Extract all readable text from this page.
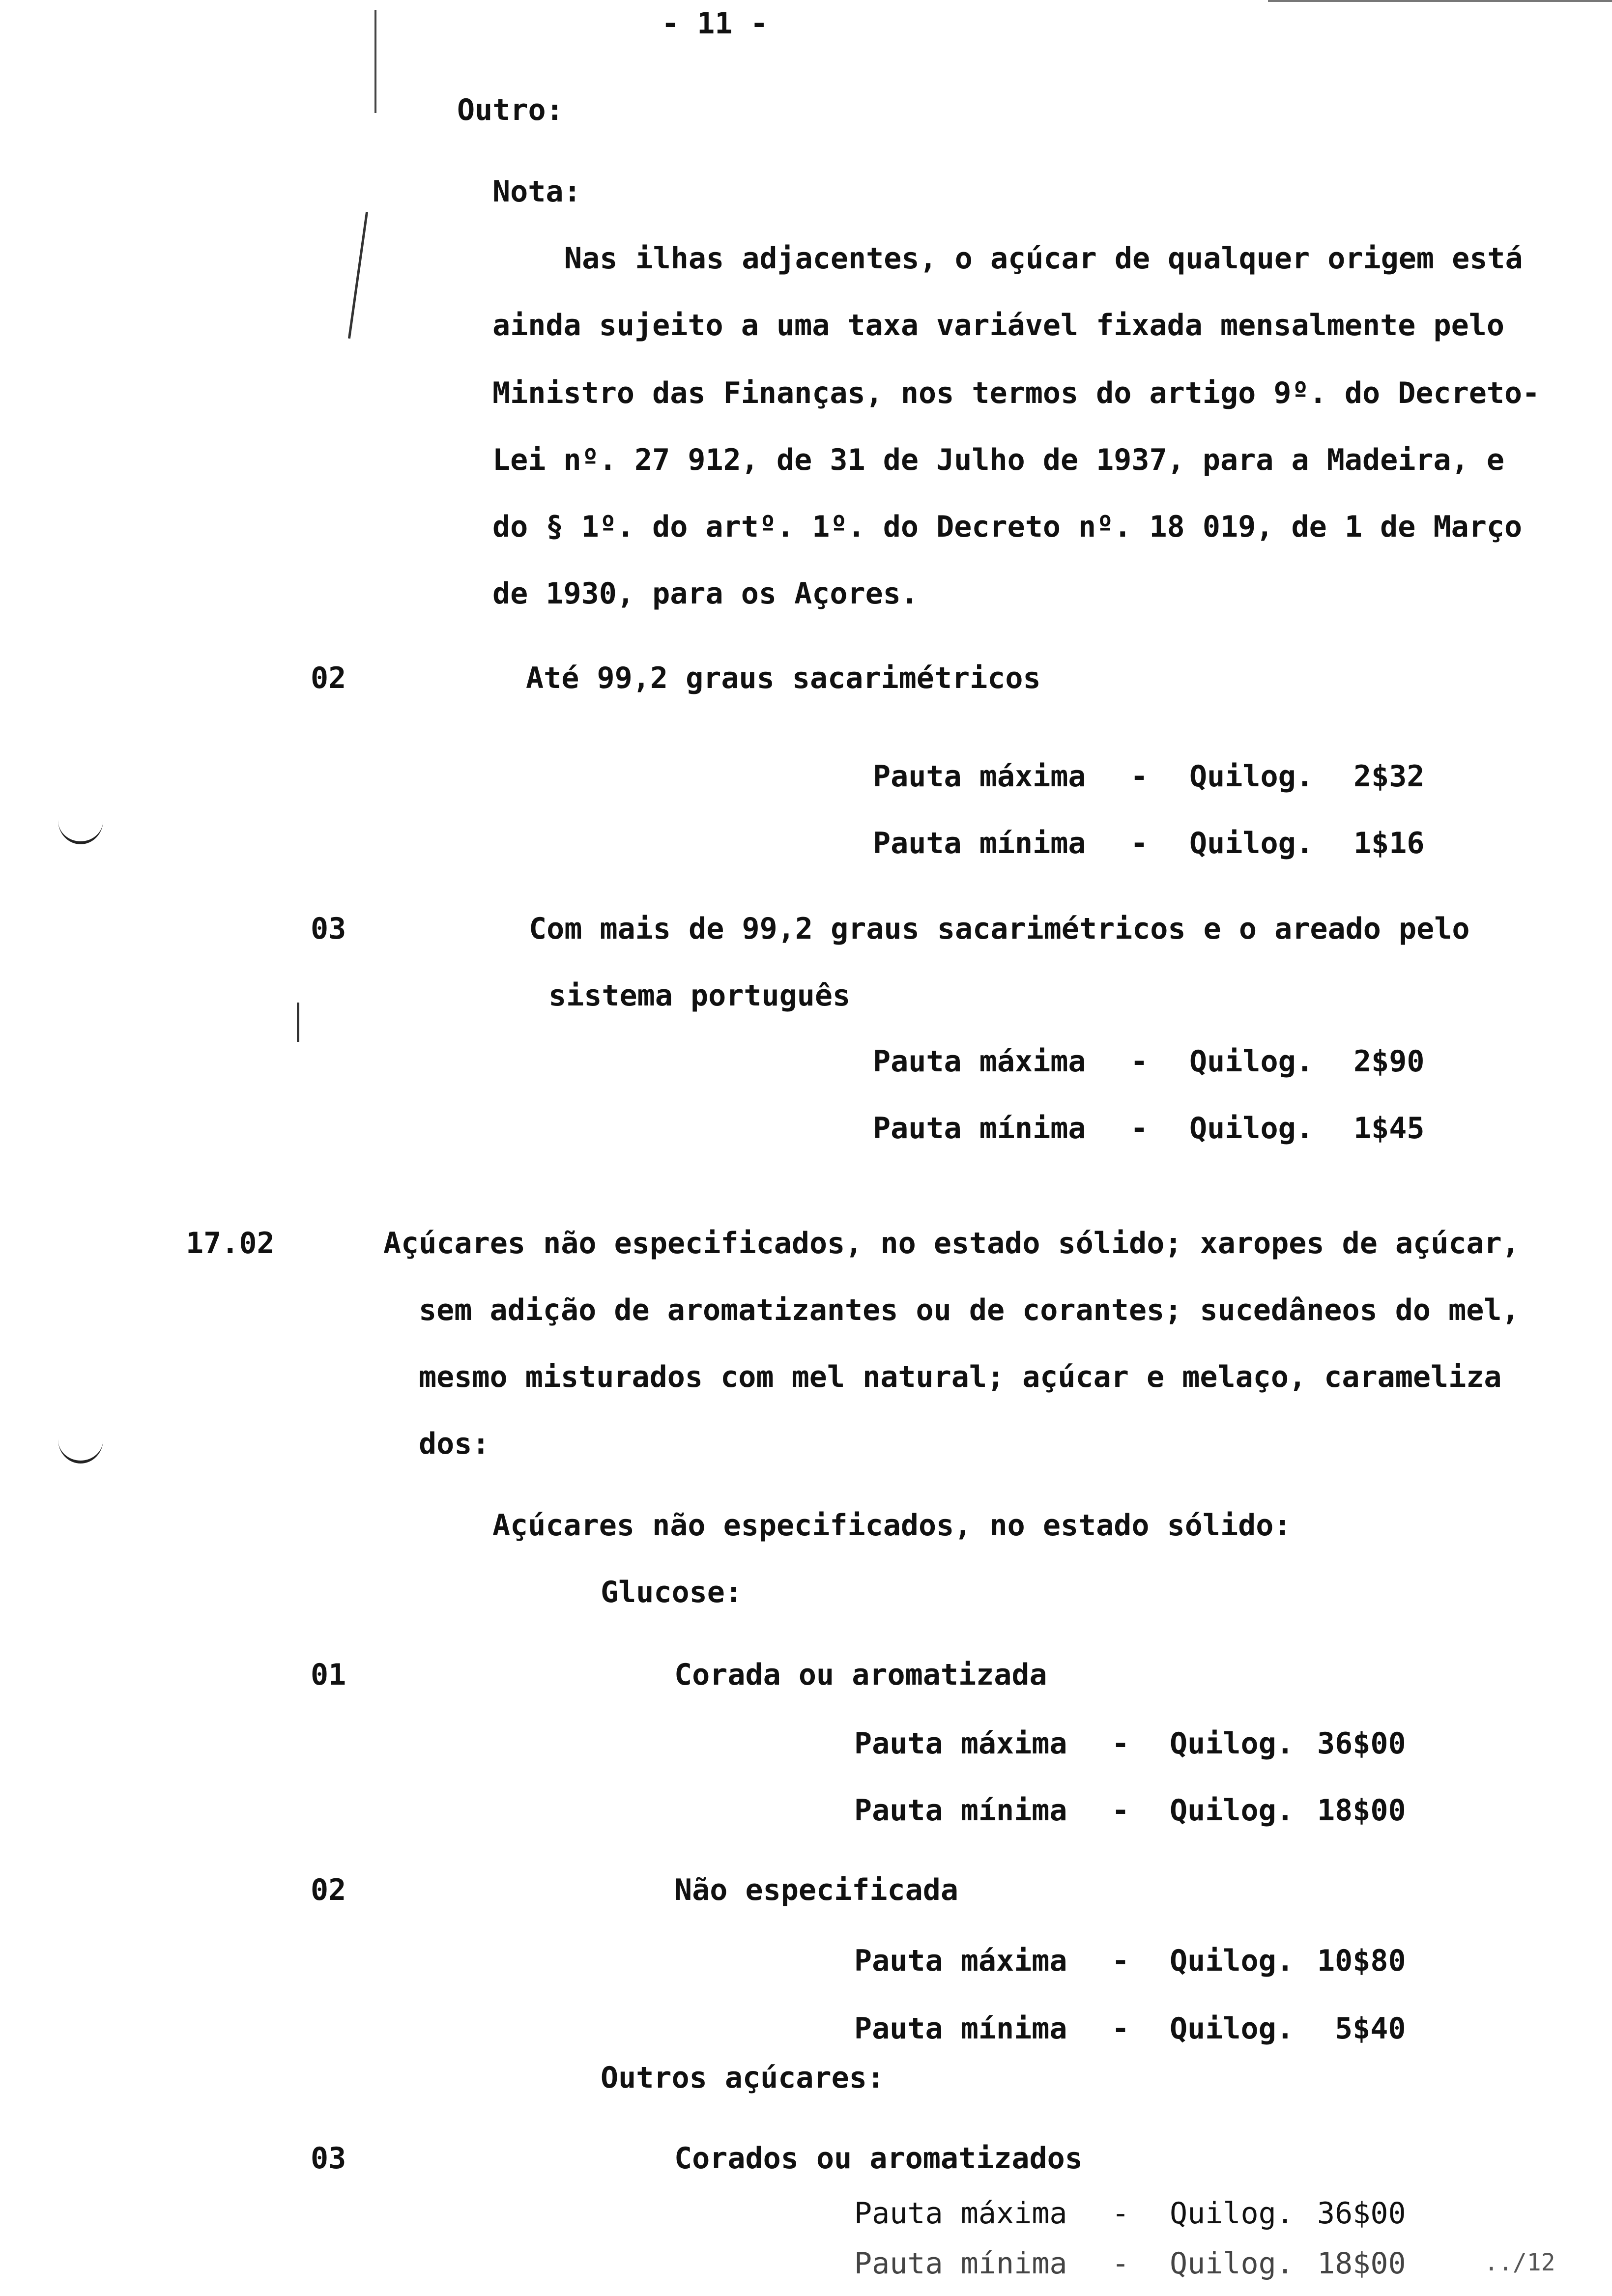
- 11 -
Outro:
Nota:
Nas ilhas adjacentes, o açúcar de qualquer origem está
ainda sujeito a uma taxa variável fixada mensalmente pelo
Ministro das Finanças, nos termos do artigo 9º. do Decreto-
Lei nº. 27 912, de 31 de Julho de 1937, para a Madeira, e
do § 1º. do artº. 1º. do Decreto nº. 18 019, de 1 de Março
de 1930, para os Açores.
02	Até 99,2 graus sacarimétricos
Pauta máxima - Quilog. 2$32
Pauta mínima - Quilog. 1$16
03	Com mais de 99,2 graus sacarimétricos e o areado pelo
sistema português
Pauta máxima - Quilog. 2$90
Pauta mínima - Quilog. 1$45
17.02	Açúcares não especificados, no estado sólido; xaropes de açúcar,
sem adição de aromatizantes ou de corantes; sucedâneos do mel,
mesmo misturados com mel natural; açúcar e melaço, carameliza
dos:
Açúcares não especificados, no estado sólido:
Glucose:
01	Corada ou aromatizada
Pauta máxima - Quilog. 36$00
Pauta mínima - Quilog. 18$00
02	Não especificada
Pauta máxima - Quilog. 10$80
Pauta mínima - Quilog. 5$40
Outros açúcares:
03	Corados ou aromatizados
Pauta máxima - Quilog. 36$00
Pauta mínima - Quilog. 18$00	../12
